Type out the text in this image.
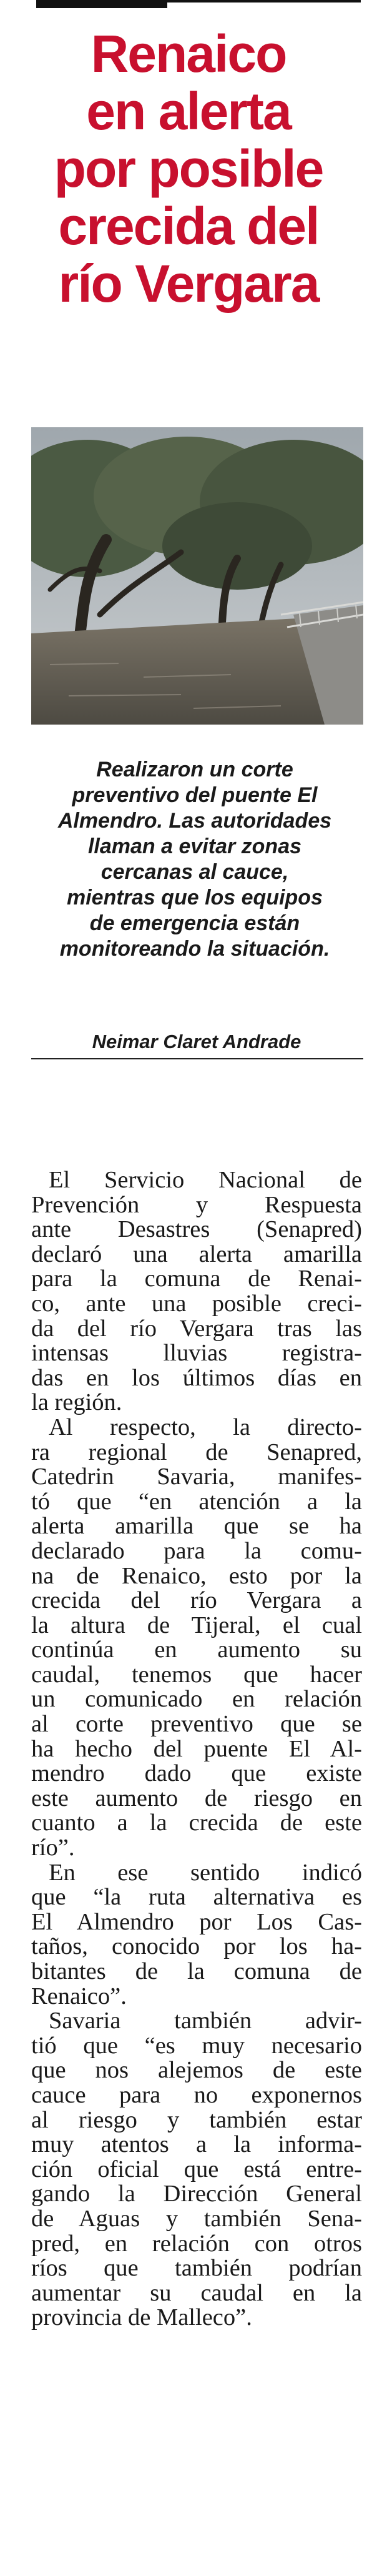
Renaico
en alerta
por posible
crecida del
río Vergara
Realizaron un corte
preventivo del puente El
Almendro. Las autoridades
llaman a evitar zonas
cercanas al cauce,
mientras que los equipos
de emergencia están
monitoreando la situación.
Neimar Claret Andrade
El Servicio Nacional de
Prevención y Respuesta
ante Desastres (Senapred)
declaró una alerta amarilla
para la comuna de Renai-
co, ante una posible creci-
da del río Vergara tras las
intensas lluvias registra-
das en los últimos días en
la región.
Al respecto, la directo-
ra regional de Senapred,
Catedrin Savaria, manifes-
tó que “en atención a la
alerta amarilla que se ha
declarado para la comu-
na de Renaico, esto por la
crecida del río Vergara a
la altura de Tijeral, el cual
continúa en aumento su
caudal, tenemos que hacer
un comunicado en relación
al corte preventivo que se
ha hecho del puente El Al-
mendro dado que existe
este aumento de riesgo en
cuanto a la crecida de este
río”.
En ese sentido indicó
que “la ruta alternativa es
El Almendro por Los Cas-
taños, conocido por los ha-
bitantes de la comuna de
Renaico”.
Savaria también advir-
tió que “es muy necesario
que nos alejemos de este
cauce para no exponernos
al riesgo y también estar
muy atentos a la informa-
ción oficial que está entre-
gando la Dirección General
de Aguas y también Sena-
pred, en relación con otros
ríos que también podrían
aumentar su caudal en la
provincia de Malleco”.
